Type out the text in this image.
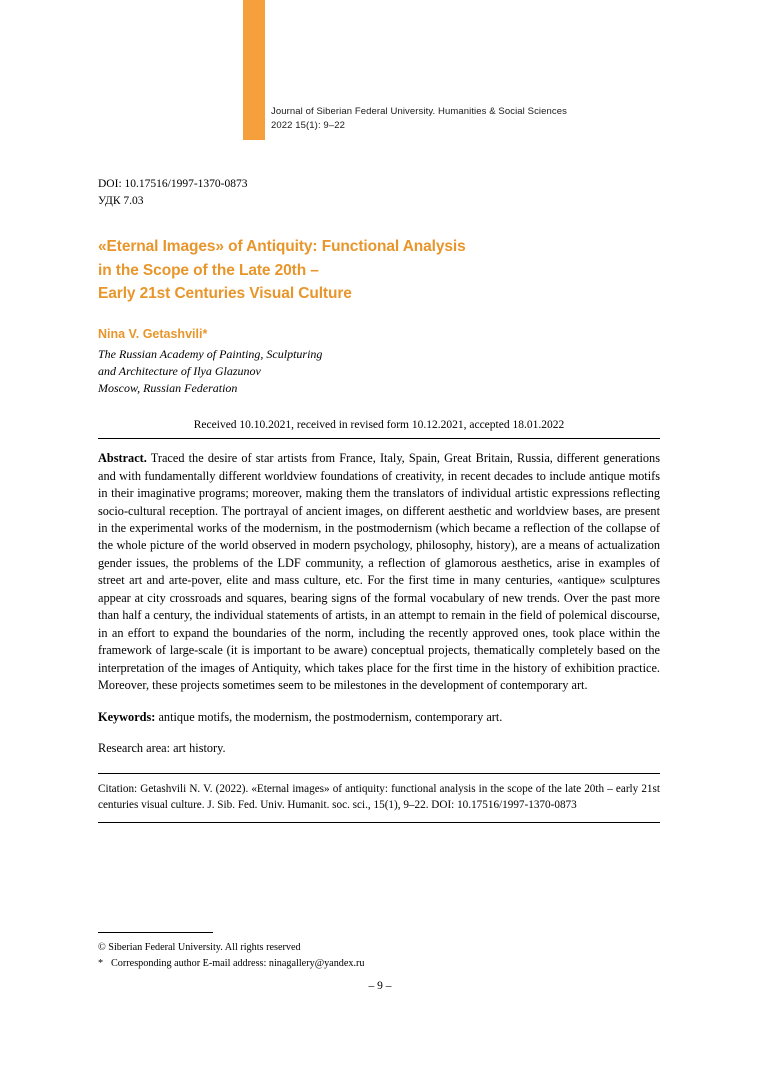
Journal of Siberian Federal University. Humanities & Social Sciences
2022 15(1): 9–22
DOI: 10.17516/1997-1370-0873
УДК 7.03
«Eternal Images» of Antiquity: Functional Analysis
in the Scope of the Late 20th –
Early 21st Centuries Visual Culture
Nina V. Getashvili*
The Russian Academy of Painting, Sculpturing
and Architecture of Ilya Glazunov
Moscow, Russian Federation
Received 10.10.2021, received in revised form 10.12.2021, accepted 18.01.2022
Abstract. Traced the desire of star artists from France, Italy, Spain, Great Britain, Russia, different generations and with fundamentally different worldview foundations of creativity, in recent decades to include antique motifs in their imaginative programs; moreover, making them the translators of individual artistic expressions reflecting socio-cultural reception. The portrayal of ancient images, on different aesthetic and worldview bases, are present in the experimental works of the modernism, in the postmodernism (which became a reflection of the collapse of the whole picture of the world observed in modern psychology, philosophy, history), are a means of actualization gender issues, the problems of the LDF community, a reflection of glamorous aesthetics, arise in examples of street art and arte-pover, elite and mass culture, etc. For the first time in many centuries, «antique» sculptures appear at city crossroads and squares, bearing signs of the formal vocabulary of new trends. Over the past more than half a century, the individual statements of artists, in an attempt to remain in the field of polemical discourse, in an effort to expand the boundaries of the norm, including the recently approved ones, took place within the framework of large-scale (it is important to be aware) conceptual projects, thematically completely based on the interpretation of the images of Antiquity, which takes place for the first time in the history of exhibition practice. Moreover, these projects sometimes seem to be milestones in the development of contemporary art.
Keywords: antique motifs, the modernism, the postmodernism, contemporary art.
Research area: art history.
Citation: Getashvili N. V. (2022). «Eternal images» of antiquity: functional analysis in the scope of the late 20th – early 21st centuries visual culture. J. Sib. Fed. Univ. Humanit. soc. sci., 15(1), 9–22. DOI: 10.17516/1997-1370-0873
© Siberian Federal University. All rights reserved
* Corresponding author E-mail address: ninagallery@yandex.ru
– 9 –
